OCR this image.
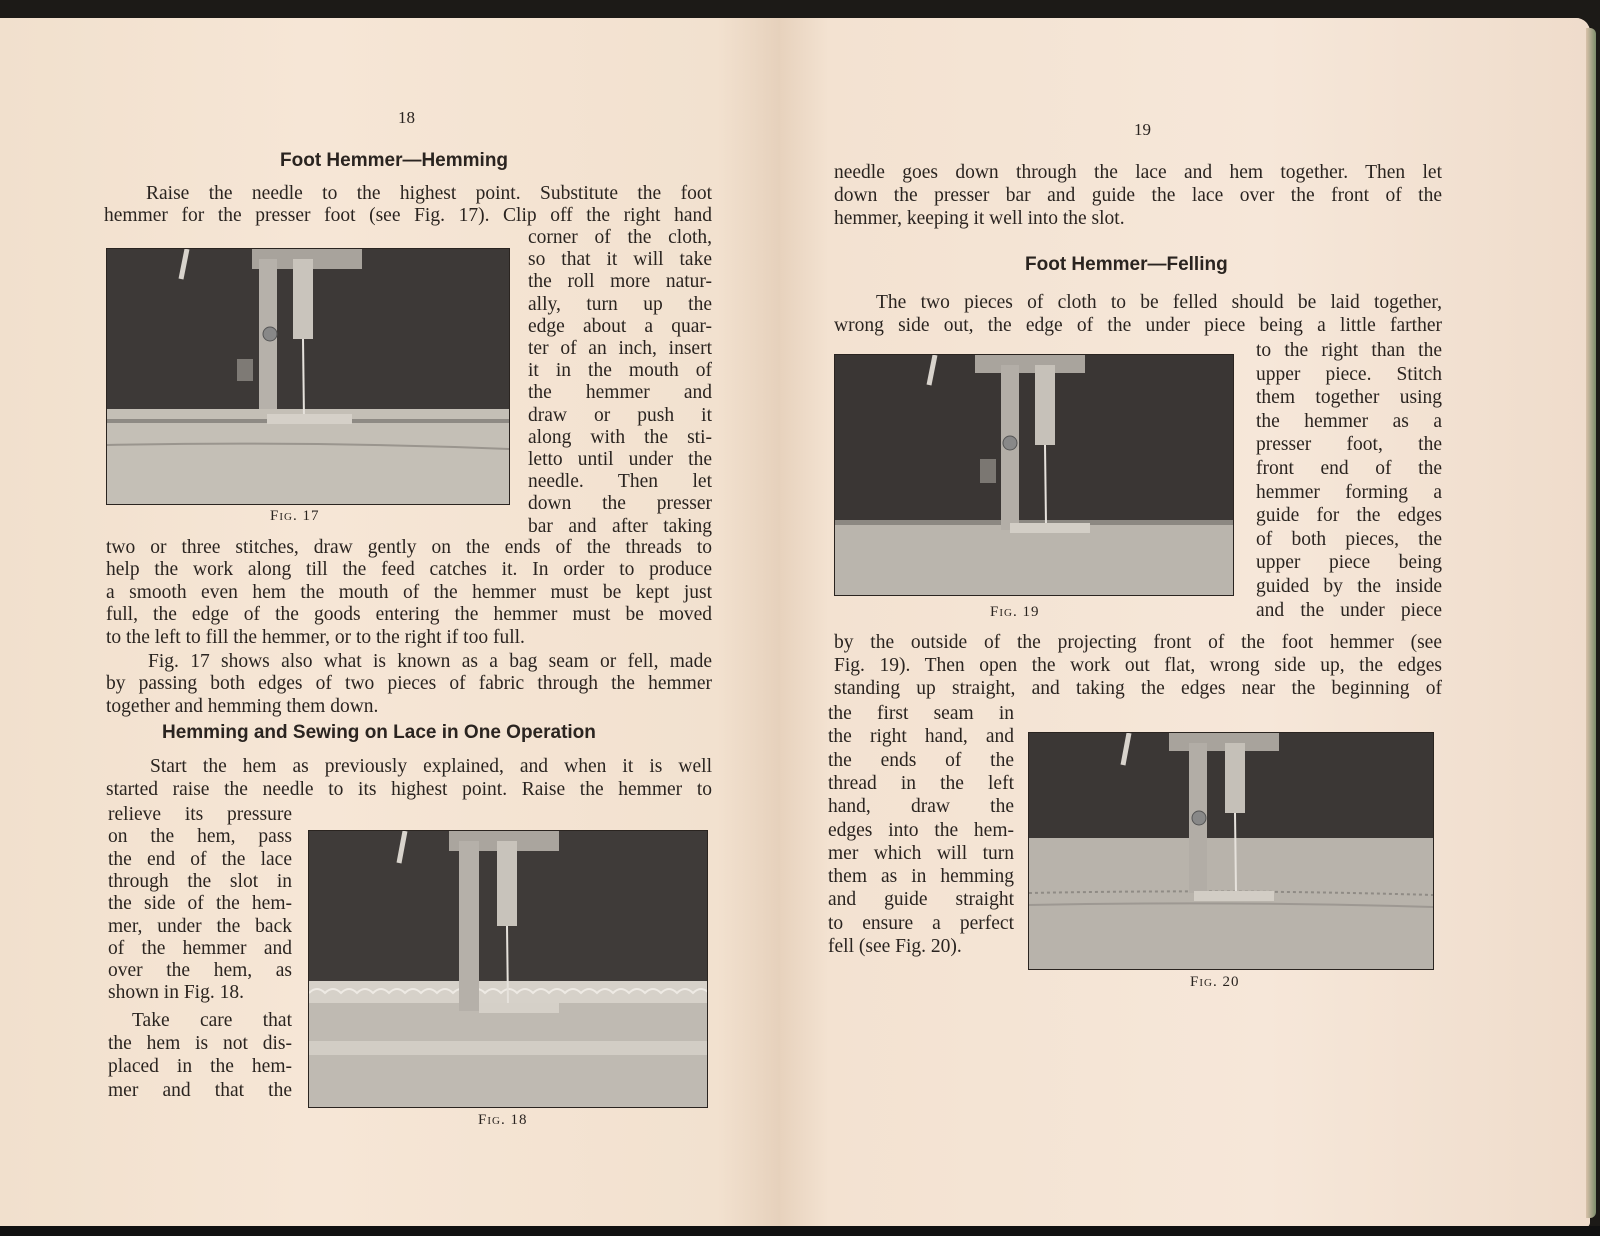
18
Foot Hemmer—Hemming
Raise the needle to the highest point. Substitute the foot
hemmer for the presser foot (see Fig. 17). Clip off the right hand
corner of the cloth,
so that it will take
the roll more natur-
ally, turn up the
edge about a quar-
ter of an inch, insert
it in the mouth of
the hemmer and
draw or push it
along with the sti-
letto until under the
needle. Then let
down the presser
bar and after taking
Fig. 17
two or three stitches, draw gently on the ends of the threads to
help the work along till the feed catches it. In order to produce
a smooth even hem the mouth of the hemmer must be kept just
full, the edge of the goods entering the hemmer must be moved
to the left to fill the hemmer, or to the right if too full.
Fig. 17 shows also what is known as a bag seam or fell, made
by passing both edges of two pieces of fabric through the hemmer
together and hemming them down.
Hemming and Sewing on Lace in One Operation
Start the hem as previously explained, and when it is well
started raise the needle to its highest point. Raise the hemmer to
relieve its pressure
on the hem, pass
the end of the lace
through the slot in
the side of the hem-
mer, under the back
of the hemmer and
over the hem, as
shown in Fig. 18.
Take care that
the hem is not dis-
placed in the hem-
mer and that the
Fig. 18
19
needle goes down through the lace and hem together. Then let
down the presser bar and guide the lace over the front of the
hemmer, keeping it well into the slot.
Foot Hemmer—Felling
The two pieces of cloth to be felled should be laid together,
wrong side out, the edge of the under piece being a little farther
to the right than the
upper piece. Stitch
them together using
the hemmer as a
presser foot, the
front end of the
hemmer forming a
guide for the edges
of both pieces, the
upper piece being
guided by the inside
and the under piece
Fig. 19
by the outside of the projecting front of the foot hemmer (see
Fig. 19). Then open the work out flat, wrong side up, the edges
standing up straight, and taking the edges near the beginning of
the first seam in
the right hand, and
the ends of the
thread in the left
hand, draw the
edges into the hem-
mer which will turn
them as in hemming
and guide straight
to ensure a perfect
fell (see Fig. 20).
Fig. 20
